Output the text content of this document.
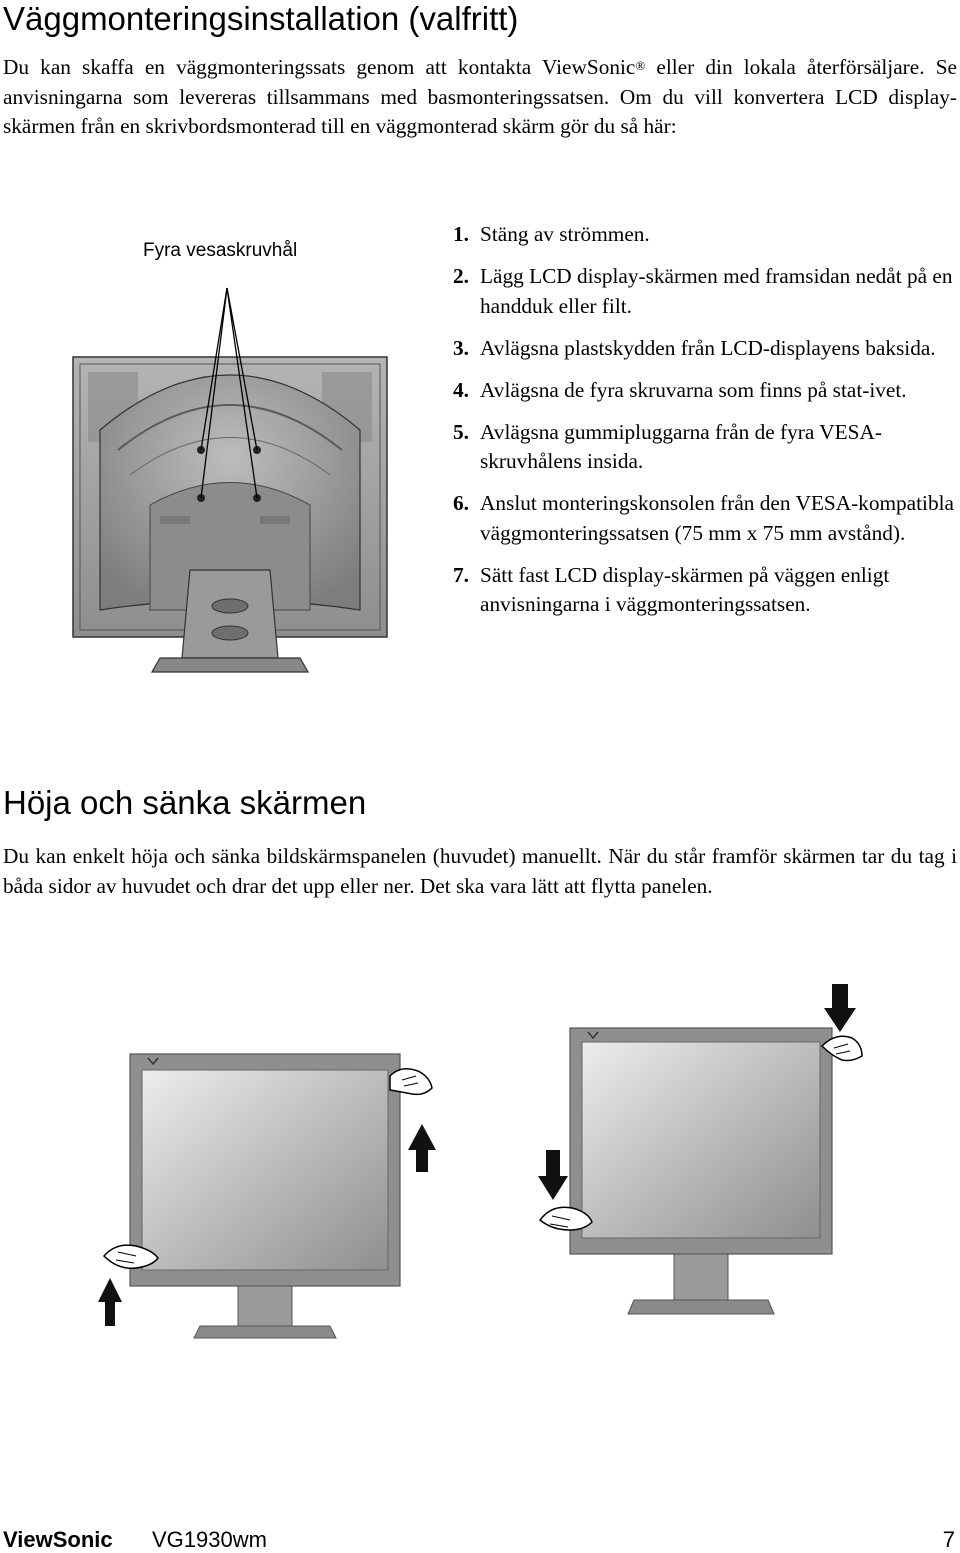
Väggmonteringsinstallation (valfritt)

Du kan skaffa en väggmonteringssats genom att kontakta ViewSonic® eller din lokala återförsäljare. Se anvisningarna som levereras tillsammans med basmonteringssatsen. Om du vill konvertera LCD display-skärmen från en skrivbordsmonterad till en väggmonterad skärm gör du så här:

Fyra vesaskruvhål
1. Stäng av strömmen.
2. Lägg LCD display-skärmen med framsidan nedåt på en handduk eller filt.
3. Avlägsna plastskydden från LCD-displayens baksida.
4. Avlägsna de fyra skruvarna som finns på stat-ivet.
5. Avlägsna gummipluggarna från de fyra VESA-skruvhålens insida.
6. Anslut monteringskonsolen från den VESA-kompatibla väggmonteringssatsen (75 mm x 75 mm avstånd).
7. Sätt fast LCD display-skärmen på väggen enligt anvisningarna i väggmonteringssatsen.
Höja och sänka skärmen

Du kan enkelt höja och sänka bildskärmspanelen (huvudet) manuellt. När du står framför skärmen tar du tag i båda sidor av huvudet och drar det upp eller ner. Det ska vara lätt att flytta panelen.

ViewSonic VG1930wm	7
